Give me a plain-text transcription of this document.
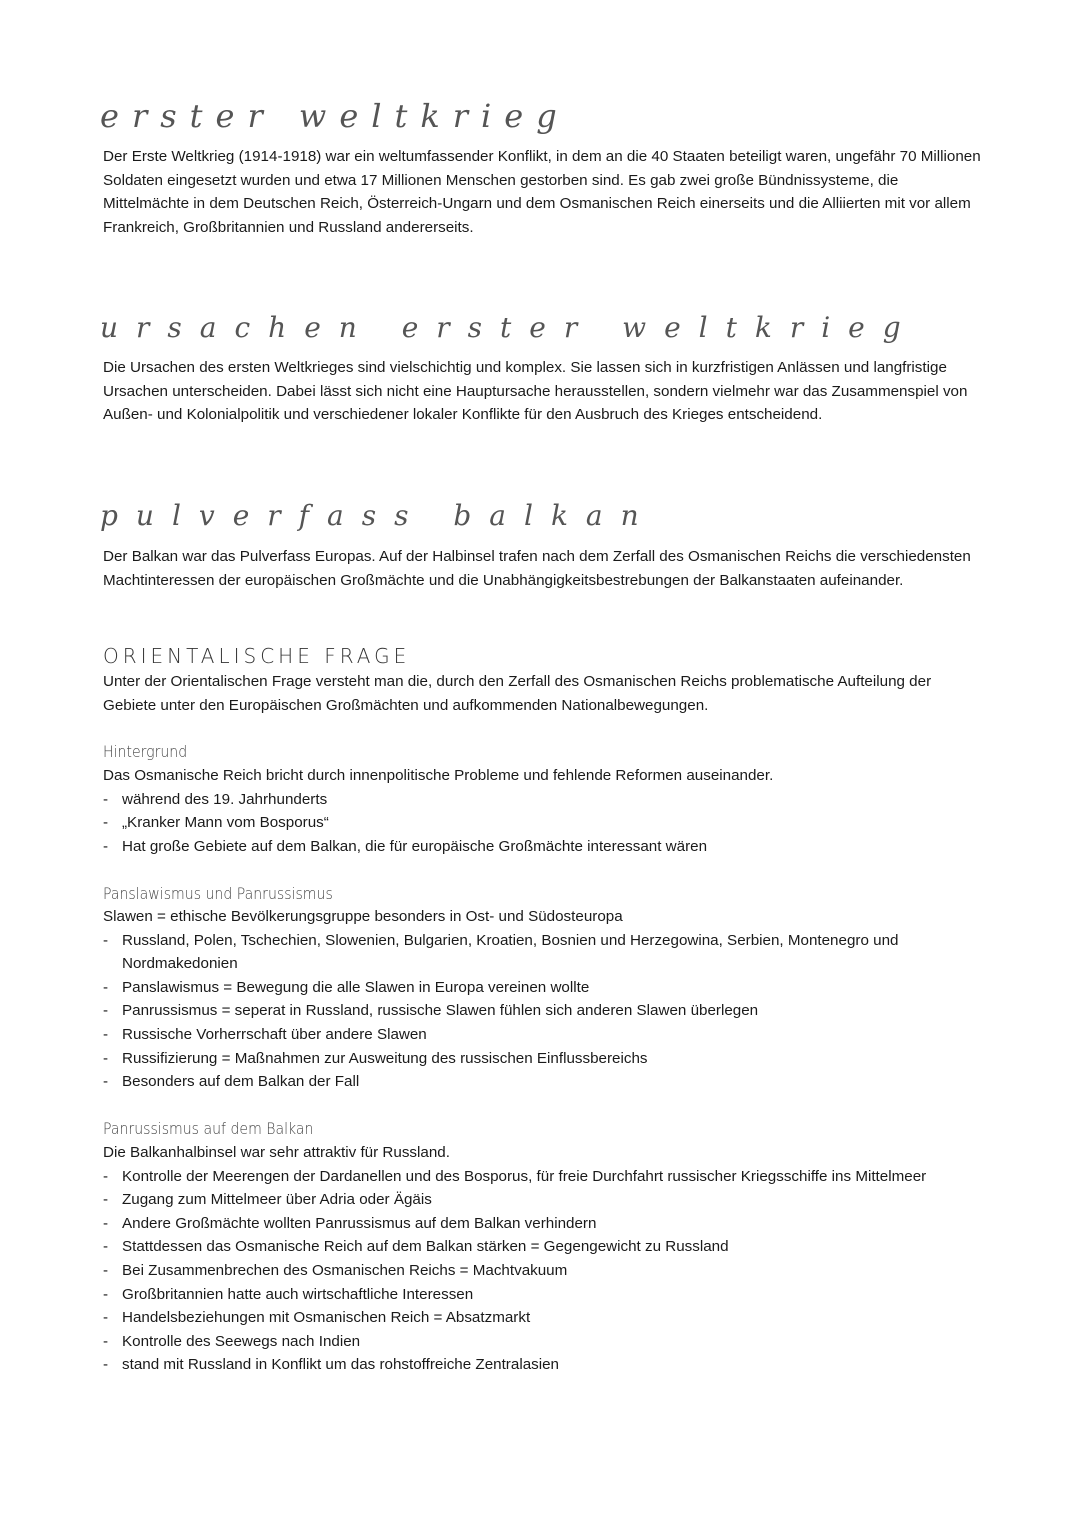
erster weltkrieg

Der Erste Weltkrieg (1914-1918) war ein weltumfassender Konflikt, in dem an die 40 Staaten beteiligt waren, ungefähr 70 Millionen Soldaten eingesetzt wurden und etwa 17 Millionen Menschen gestorben sind. Es gab zwei große Bündnissysteme, die Mittelmächte in dem Deutschen Reich, Österreich-Ungarn und dem Osmanischen Reich einerseits und die Alliierten mit vor allem Frankreich, Großbritannien und Russland andererseits.

ursachen erster weltkrieg

Die Ursachen des ersten Weltkrieges sind vielschichtig und komplex. Sie lassen sich in kurzfristigen Anlässen und langfristige Ursachen unterscheiden. Dabei lässt sich nicht eine Hauptursache herausstellen, sondern vielmehr war das Zusammenspiel von Außen- und Kolonialpolitik und verschiedener lokaler Konflikte für den Ausbruch des Krieges entscheidend.

pulverfass balkan

Der Balkan war das Pulverfass Europas. Auf der Halbinsel trafen nach dem Zerfall des Osmanischen Reichs die verschiedensten Machtinteressen der europäischen Großmächte und die Unabhängigkeitsbestrebungen der Balkanstaaten aufeinander.

ORIENTALISCHE FRAGE

Unter der Orientalischen Frage versteht man die, durch den Zerfall des Osmanischen Reichs problematische Aufteilung der Gebiete unter den Europäischen Großmächten und aufkommenden Nationalbewegungen.

Hintergrund

Das Osmanische Reich bricht durch innenpolitische Probleme und fehlende Reformen auseinander.

- während des 19. Jahrhunderts
- „Kranker Mann vom Bosporus“
- Hat große Gebiete auf dem Balkan, die für europäische Großmächte interessant wären
Panslawismus und Panrussismus

Slawen = ethische Bevölkerungsgruppe besonders in Ost- und Südosteuropa

- Russland, Polen, Tschechien, Slowenien, Bulgarien, Kroatien, Bosnien und Herzegowina, Serbien, Montenegro und Nordmakedonien
- Panslawismus = Bewegung die alle Slawen in Europa vereinen wollte
- Panrussismus = seperat in Russland, russische Slawen fühlen sich anderen Slawen überlegen
- Russische Vorherrschaft über andere Slawen
- Russifizierung = Maßnahmen zur Ausweitung des russischen Einflussbereichs
- Besonders auf dem Balkan der Fall
Panrussismus auf dem Balkan

Die Balkanhalbinsel war sehr attraktiv für Russland.

- Kontrolle der Meerengen der Dardanellen und des Bosporus, für freie Durchfahrt russischer Kriegsschiffe ins Mittelmeer
- Zugang zum Mittelmeer über Adria oder Ägäis
- Andere Großmächte wollten Panrussismus auf dem Balkan verhindern
- Stattdessen das Osmanische Reich auf dem Balkan stärken = Gegengewicht zu Russland
- Bei Zusammenbrechen des Osmanischen Reichs = Machtvakuum
- Großbritannien hatte auch wirtschaftliche Interessen
- Handelsbeziehungen mit Osmanischen Reich = Absatzmarkt
- Kontrolle des Seewegs nach Indien
- stand mit Russland in Konflikt um das rohstoffreiche Zentralasien
